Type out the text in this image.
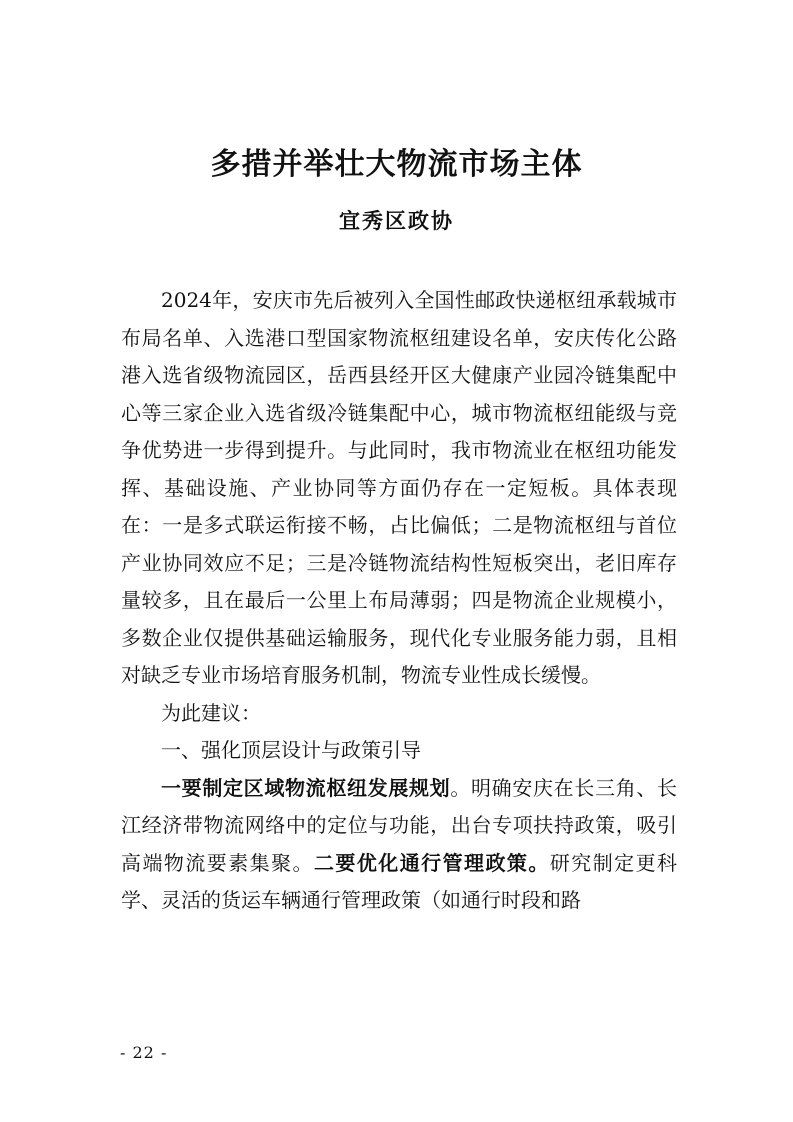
多措并举壮大物流市场主体
宜秀区政协

2024年，安庆市先后被列入全国性邮政快递枢纽承载城市布局名单、入选港口型国家物流枢纽建设名单，安庆传化公路港入选省级物流园区，岳西县经开区大健康产业园冷链集配中心等三家企业入选省级冷链集配中心，城市物流枢纽能级与竞争优势进一步得到提升。与此同时，我市物流业在枢纽功能发挥、基础设施、产业协同等方面仍存在一定短板。具体表现在：一是多式联运衔接不畅，占比偏低；二是物流枢纽与首位产业协同效应不足；三是冷链物流结构性短板突出，老旧库存量较多，且在最后一公里上布局薄弱；四是物流企业规模小，多数企业仅提供基础运输服务，现代化专业服务能力弱，且相对缺乏专业市场培育服务机制，物流专业性成长缓慢。

为此建议：

一、强化顶层设计与政策引导

一要制定区域物流枢纽发展规划。明确安庆在长三角、长江经济带物流网络中的定位与功能，出台专项扶持政策，吸引高端物流要素集聚。二要优化通行管理政策。研究制定更科学、灵活的货运车辆通行管理政策（如通行时段和路

- 22 -
